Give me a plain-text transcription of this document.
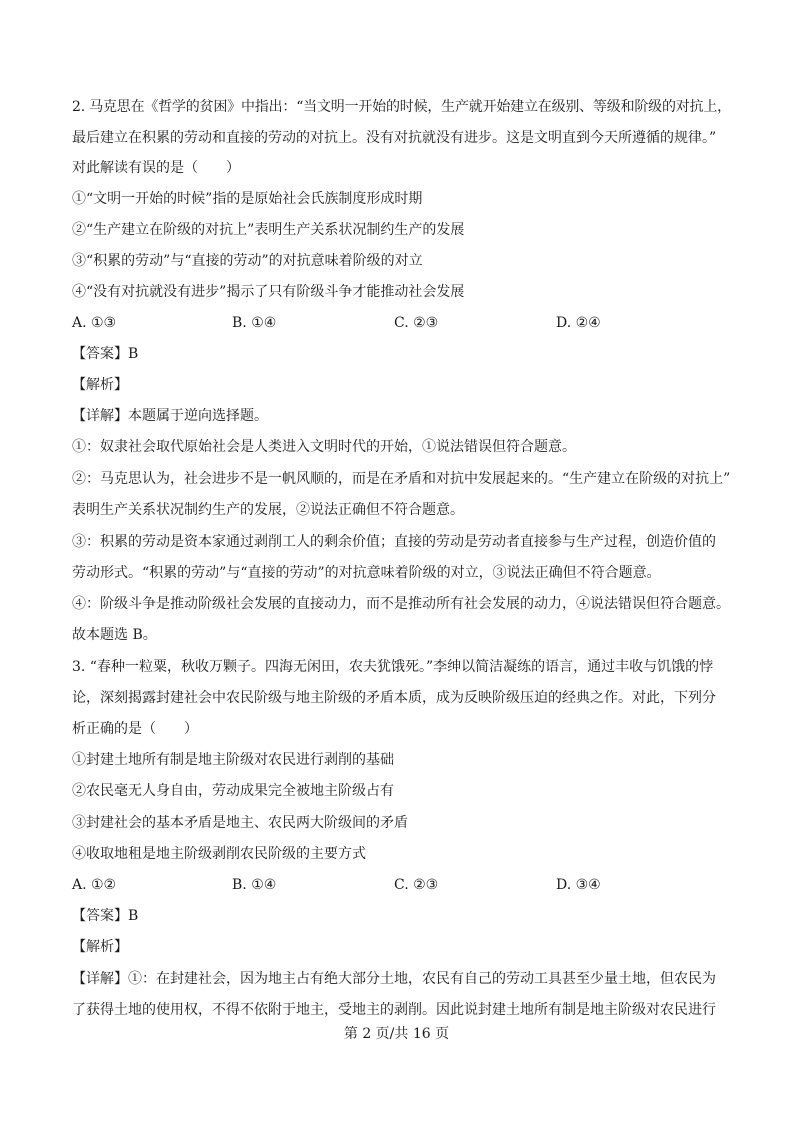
2. 马克思在《哲学的贫困》中指出：“当文明一开始的时候，生产就开始建立在级别、等级和阶级的对抗上，
最后建立在积累的劳动和直接的劳动的对抗上。没有对抗就没有进步。这是文明直到今天所遵循的规律。”
对此解读有误的是（　　）
①“文明一开始的时候”指的是原始社会氏族制度形成时期
②“生产建立在阶级的对抗上”表明生产关系状况制约生产的发展
③“积累的劳动”与“直接的劳动”的对抗意味着阶级的对立
④“没有对抗就没有进步”揭示了只有阶级斗争才能推动社会发展
A. ①③	B. ①④	C. ②③	D. ②④
【答案】B
【解析】
【详解】本题属于逆向选择题。
①：奴隶社会取代原始社会是人类进入文明时代的开始，①说法错误但符合题意。
②：马克思认为，社会进步不是一帆风顺的，而是在矛盾和对抗中发展起来的。“生产建立在阶级的对抗上”
表明生产关系状况制约生产的发展，②说法正确但不符合题意。
③：积累的劳动是资本家通过剥削工人的剩余价值；直接的劳动是劳动者直接参与生产过程，创造价值的
劳动形式。“积累的劳动”与“直接的劳动”的对抗意味着阶级的对立，③说法正确但不符合题意。
④：阶级斗争是推动阶级社会发展的直接动力，而不是推动所有社会发展的动力，④说法错误但符合题意。
故本题选 B。
3. “春种一粒粟，秋收万颗子。四海无闲田，农夫犹饿死。”李绅以简洁凝练的语言，通过丰收与饥饿的悖
论，深刻揭露封建社会中农民阶级与地主阶级的矛盾本质，成为反映阶级压迫的经典之作。对此，下列分
析正确的是（　　）
①封建土地所有制是地主阶级对农民进行剥削的基础
②农民毫无人身自由，劳动成果完全被地主阶级占有
③封建社会的基本矛盾是地主、农民两大阶级间的矛盾
④收取地租是地主阶级剥削农民阶级的主要方式
A. ①②	B. ①④	C. ②③	D. ③④
【答案】B
【解析】
【详解】①：在封建社会，因为地主占有绝大部分土地，农民有自己的劳动工具甚至少量土地，但农民为
了获得土地的使用权，不得不依附于地主，受地主的剥削。因此说封建土地所有制是地主阶级对农民进行
第 2 页/共 16 页
